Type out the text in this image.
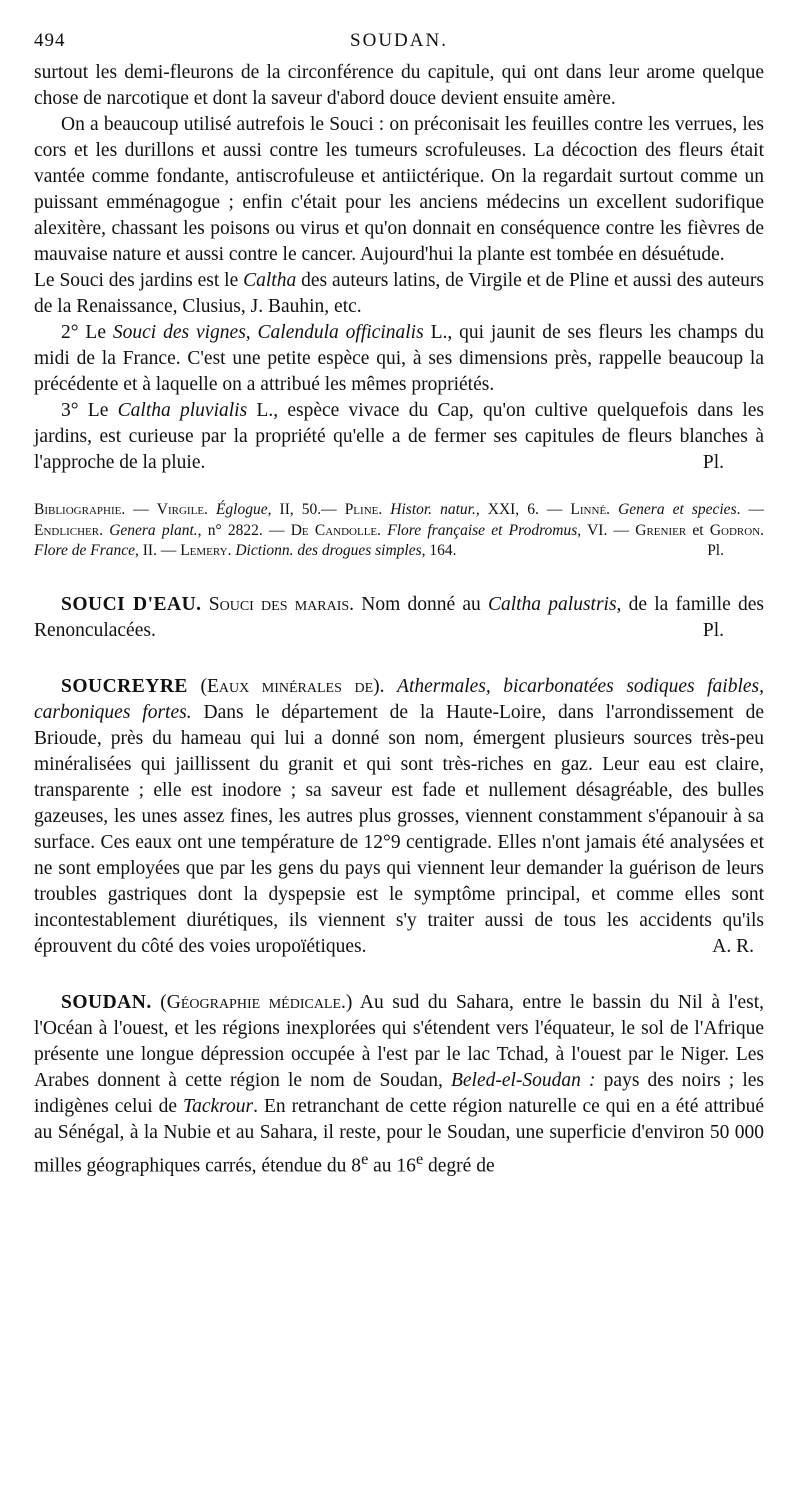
494	SOUDAN.

surtout les demi-fleurons de la circonférence du capitule, qui ont dans leur arome quelque chose de narcotique et dont la saveur d'abord douce devient ensuite amère.

On a beaucoup utilisé autrefois le Souci : on préconisait les feuilles contre les verrues, les cors et les durillons et aussi contre les tumeurs scrofuleuses. La décoction des fleurs était vantée comme fondante, antiscrofuleuse et antiictérique. On la regardait surtout comme un puissant emménagogue ; enfin c'était pour les anciens médecins un excellent sudorifique alexitère, chassant les poisons ou virus et qu'on donnait en conséquence contre les fièvres de mauvaise nature et aussi contre le cancer. Aujourd'hui la plante est tombée en désuétude.

Le Souci des jardins est le Caltha des auteurs latins, de Virgile et de Pline et aussi des auteurs de la Renaissance, Clusius, J. Bauhin, etc.

2° Le Souci des vignes, Calendula officinalis L., qui jaunit de ses fleurs les champs du midi de la France. C'est une petite espèce qui, à ses dimensions près, rappelle beaucoup la précédente et à laquelle on a attribué les mêmes propriétés.

3° Le Caltha pluvialis L., espèce vivace du Cap, qu'on cultive quelquefois dans les jardins, est curieuse par la propriété qu'elle a de fermer ses capitules de fleurs blanches à l'approche de la pluie.	Pl.

Bibliographie. — Virgile. Églogue, II, 50.— Pline. Histor. natur., XXI, 6. — Linné. Genera et species. — Endlicher. Genera plant., n° 2822. — De Candolle. Flore française et Prodromus, VI. — Grenier et Godron. Flore de France, II. — Lemery. Dictionn. des drogues simples, 164.	Pl.

SOUCI D'EAU. Souci des marais. Nom donné au Caltha palustris, de la famille des Renonculacées.	Pl.

SOUCREYRE (Eaux minérales de). Athermales, bicarbonatées sodiques faibles, carboniques fortes. Dans le département de la Haute-Loire, dans l'arrondissement de Brioude, près du hameau qui lui a donné son nom, émergent plusieurs sources très-peu minéralisées qui jaillissent du granit et qui sont très-riches en gaz. Leur eau est claire, transparente ; elle est inodore ; sa saveur est fade et nullement désagréable, des bulles gazeuses, les unes assez fines, les autres plus grosses, viennent constamment s'épanouir à sa surface. Ces eaux ont une température de 12°9 centigrade. Elles n'ont jamais été analysées et ne sont employées que par les gens du pays qui viennent leur demander la guérison de leurs troubles gastriques dont la dyspepsie est le symptôme principal, et comme elles sont incontestablement diurétiques, ils viennent s'y traiter aussi de tous les accidents qu'ils éprouvent du côté des voies uropoïétiques.	A. R.

SOUDAN. (Géographie médicale.) Au sud du Sahara, entre le bassin du Nil à l'est, l'Océan à l'ouest, et les régions inexplorées qui s'étendent vers l'équateur, le sol de l'Afrique présente une longue dépression occupée à l'est par le lac Tchad, à l'ouest par le Niger. Les Arabes donnent à cette région le nom de Soudan, Beled-el-Soudan : pays des noirs ; les indigènes celui de Tackrour. En retranchant de cette région naturelle ce qui en a été attribué au Sénégal, à la Nubie et au Sahara, il reste, pour le Soudan, une superficie d'environ 50 000 milles géographiques carrés, étendue du 8e au 16e degré de
